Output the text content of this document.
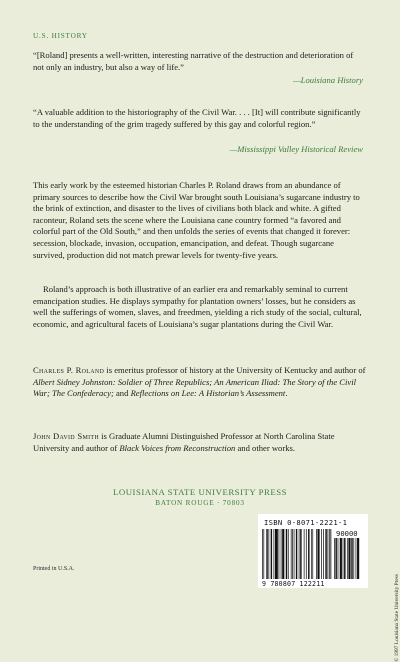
U.S. HISTORY
“[Roland] presents a well-written, interesting narrative of the destruction and deterioration of not only an industry, but also a way of life.”
—Louisiana History
“A valuable addition to the historiography of the Civil War. . . . [It] will contribute significantly to the understanding of the grim tragedy suffered by this gay and colorful region.”
—Mississippi Valley Historical Review

This early work by the esteemed historian Charles P. Roland draws from an abundance of primary sources to describe how the Civil War brought south Louisiana’s sugarcane industry to the brink of extinction, and disaster to the lives of civilians both black and white. A gifted raconteur, Roland sets the scene where the Louisiana cane country formed “a favored and colorful part of the Old South,” and then unfolds the series of events that changed it forever: secession, blockade, invasion, occupation, emancipation, and defeat. Though sugarcane survived, production did not match prewar levels for twenty-five years.

Roland’s approach is both illustrative of an earlier era and remarkably seminal to current emancipation studies. He displays sympathy for plantation owners’ losses, but he considers as well the sufferings of women, slaves, and freedmen, yielding a rich study of the social, cultural, economic, and agricultural facets of Louisiana’s sugar plantations during the Civil War.

Charles P. Roland is emeritus professor of history at the University of Kentucky and author of Albert Sidney Johnston: Soldier of Three Republics; An American Iliad: The Story of the Civil War; The Confederacy; and Reflections on Lee: A Historian’s Assessment.

John David Smith is Graduate Alumni Distinguished Professor at North Carolina State University and author of Black Voices from Reconstruction and other works.

LOUISIANA STATE UNIVERSITY PRESS
BATON ROUGE · 70803
Printed in U.S.A.
© 1997 Louisiana State University Press
ISBN 0-8071-2221-1
90000
9 780807 122211
